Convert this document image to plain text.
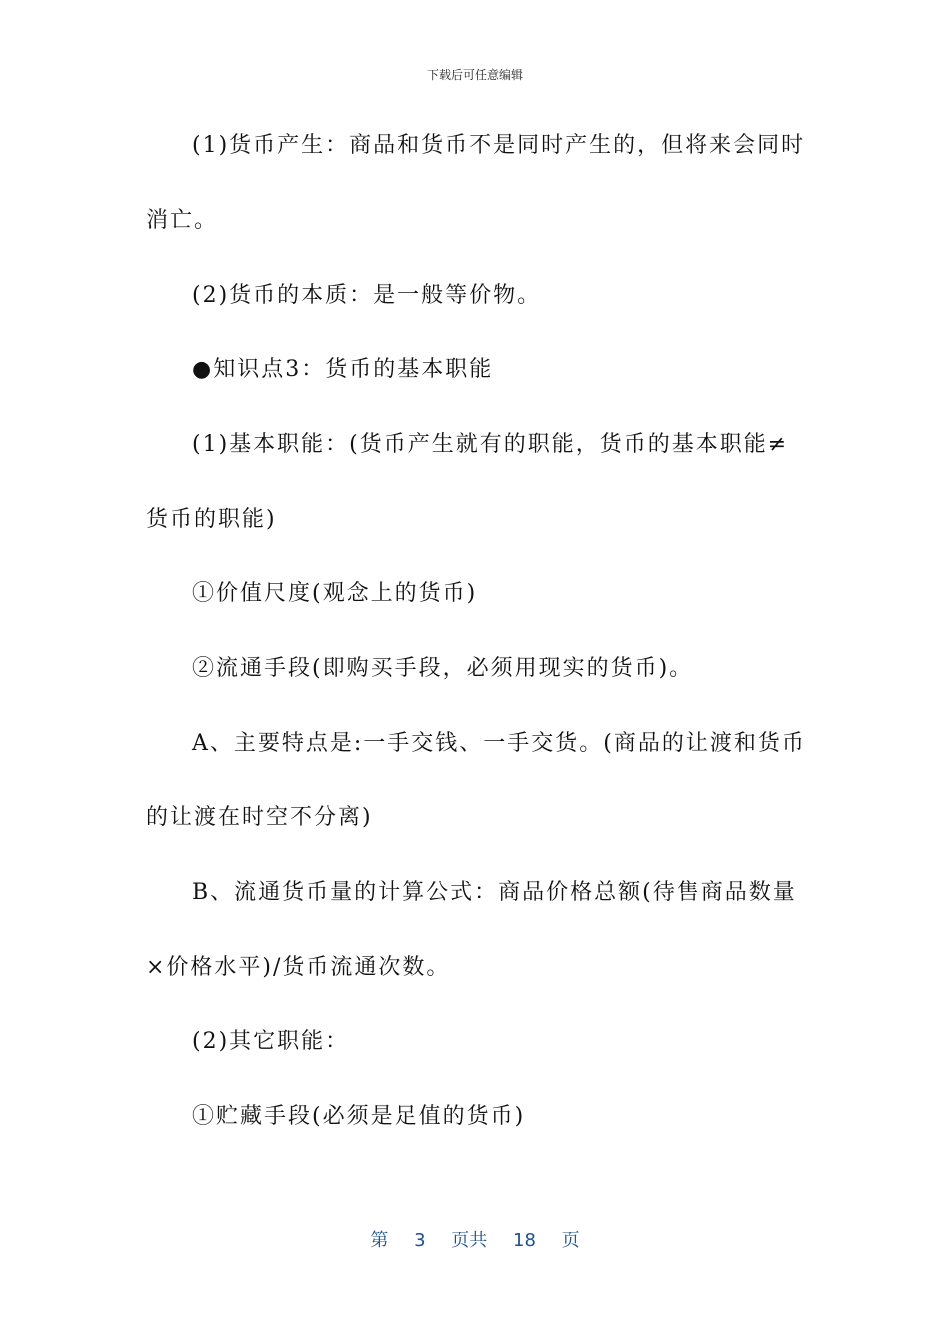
下载后可任意编辑
(1)货币产生：商品和货币不是同时产生的，但将来会同时
消亡。
(2)货币的本质：是一般等价物。
●知识点3：货币的基本职能
(1)基本职能：(货币产生就有的职能，货币的基本职能≠
货币的职能)
①价值尺度(观念上的货币)
②流通手段(即购买手段，必须用现实的货币)。
A、主要特点是:一手交钱、一手交货。(商品的让渡和货币
的让渡在时空不分离)
B、流通货币量的计算公式：商品价格总额(待售商品数量
×价格水平)/货币流通次数。
(2)其它职能：
①贮藏手段(必须是足值的货币)
第 3 页共 18 页
